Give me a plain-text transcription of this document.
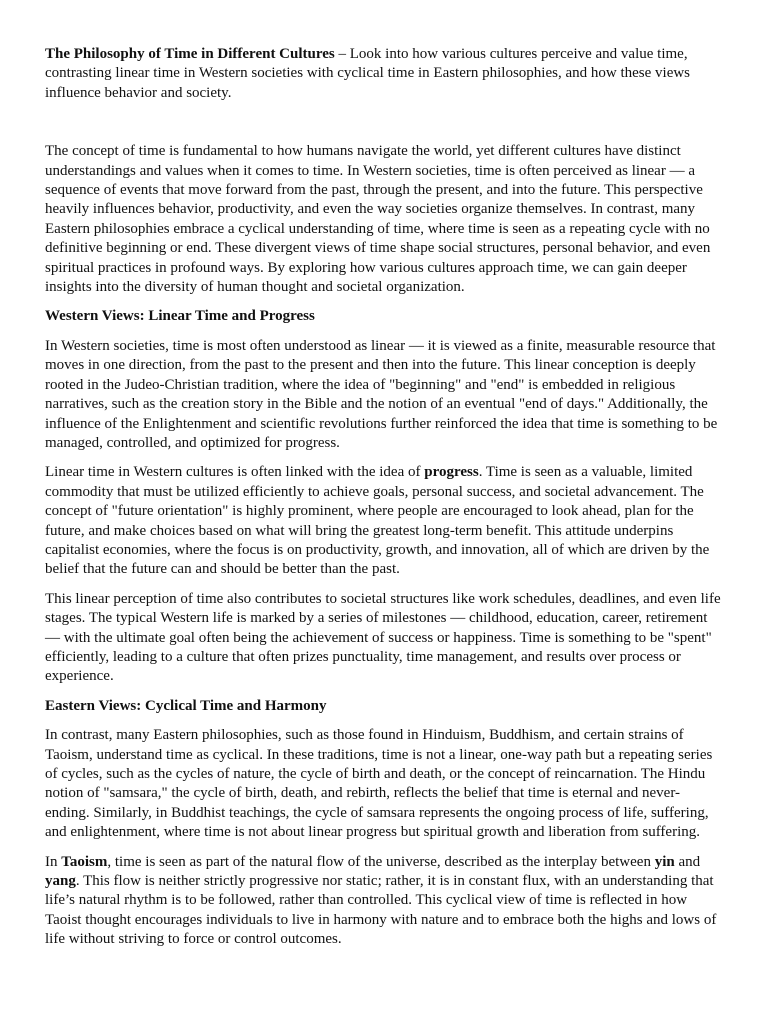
The Philosophy of Time in Different Cultures – Look into how various cultures perceive and value time, contrasting linear time in Western societies with cyclical time in Eastern philosophies, and how these views influence behavior and society.

The concept of time is fundamental to how humans navigate the world, yet different cultures have distinct understandings and values when it comes to time. In Western societies, time is often perceived as linear — a sequence of events that move forward from the past, through the present, and into the future. This perspective heavily influences behavior, productivity, and even the way societies organize themselves. In contrast, many Eastern philosophies embrace a cyclical understanding of time, where time is seen as a repeating cycle with no definitive beginning or end. These divergent views of time shape social structures, personal behavior, and even spiritual practices in profound ways. By exploring how various cultures approach time, we can gain deeper insights into the diversity of human thought and societal organization.

Western Views: Linear Time and Progress

In Western societies, time is most often understood as linear — it is viewed as a finite, measurable resource that moves in one direction, from the past to the present and then into the future. This linear conception is deeply rooted in the Judeo-Christian tradition, where the idea of "beginning" and "end" is embedded in religious narratives, such as the creation story in the Bible and the notion of an eventual "end of days." Additionally, the influence of the Enlightenment and scientific revolutions further reinforced the idea that time is something to be managed, controlled, and optimized for progress.

Linear time in Western cultures is often linked with the idea of progress. Time is seen as a valuable, limited commodity that must be utilized efficiently to achieve goals, personal success, and societal advancement. The concept of "future orientation" is highly prominent, where people are encouraged to look ahead, plan for the future, and make choices based on what will bring the greatest long-term benefit. This attitude underpins capitalist economies, where the focus is on productivity, growth, and innovation, all of which are driven by the belief that the future can and should be better than the past.

This linear perception of time also contributes to societal structures like work schedules, deadlines, and even life stages. The typical Western life is marked by a series of milestones — childhood, education, career, retirement — with the ultimate goal often being the achievement of success or happiness. Time is something to be "spent" efficiently, leading to a culture that often prizes punctuality, time management, and results over process or experience.

Eastern Views: Cyclical Time and Harmony

In contrast, many Eastern philosophies, such as those found in Hinduism, Buddhism, and certain strains of Taoism, understand time as cyclical. In these traditions, time is not a linear, one-way path but a repeating series of cycles, such as the cycles of nature, the cycle of birth and death, or the concept of reincarnation. The Hindu notion of "samsara," the cycle of birth, death, and rebirth, reflects the belief that time is eternal and never-ending. Similarly, in Buddhist teachings, the cycle of samsara represents the ongoing process of life, suffering, and enlightenment, where time is not about linear progress but spiritual growth and liberation from suffering.

In Taoism, time is seen as part of the natural flow of the universe, described as the interplay between yin and yang. This flow is neither strictly progressive nor static; rather, it is in constant flux, with an understanding that life’s natural rhythm is to be followed, rather than controlled. This cyclical view of time is reflected in how Taoist thought encourages individuals to live in harmony with nature and to embrace both the highs and lows of life without striving to force or control outcomes.
